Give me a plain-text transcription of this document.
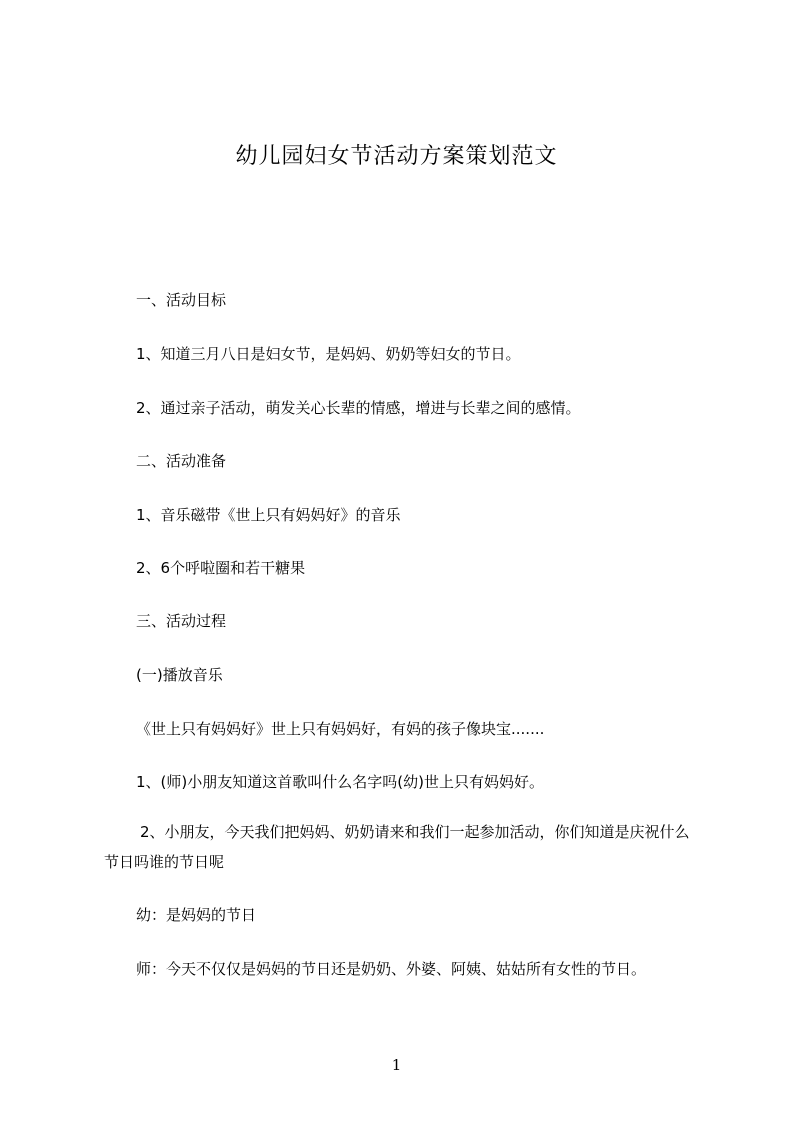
幼儿园妇女节活动方案策划范文
一、活动目标
1、知道三月八日是妇女节，是妈妈、奶奶等妇女的节日。
2、通过亲子活动，萌发关心长辈的情感，增进与长辈之间的感情。
二、活动准备
1、音乐磁带《世上只有妈妈好》的音乐
2、6个呼啦圈和若干糖果
三、活动过程
(一)播放音乐
《世上只有妈妈好》世上只有妈妈好，有妈的孩子像块宝.......
1、(师)小朋友知道这首歌叫什么名字吗(幼)世上只有妈妈好。
2、小朋友，今天我们把妈妈、奶奶请来和我们一起参加活动，你们知道是庆祝什么节日吗谁的节日呢
幼：是妈妈的节日
师：今天不仅仅是妈妈的节日还是奶奶、外婆、阿姨、姑姑所有女性的节日。
1
